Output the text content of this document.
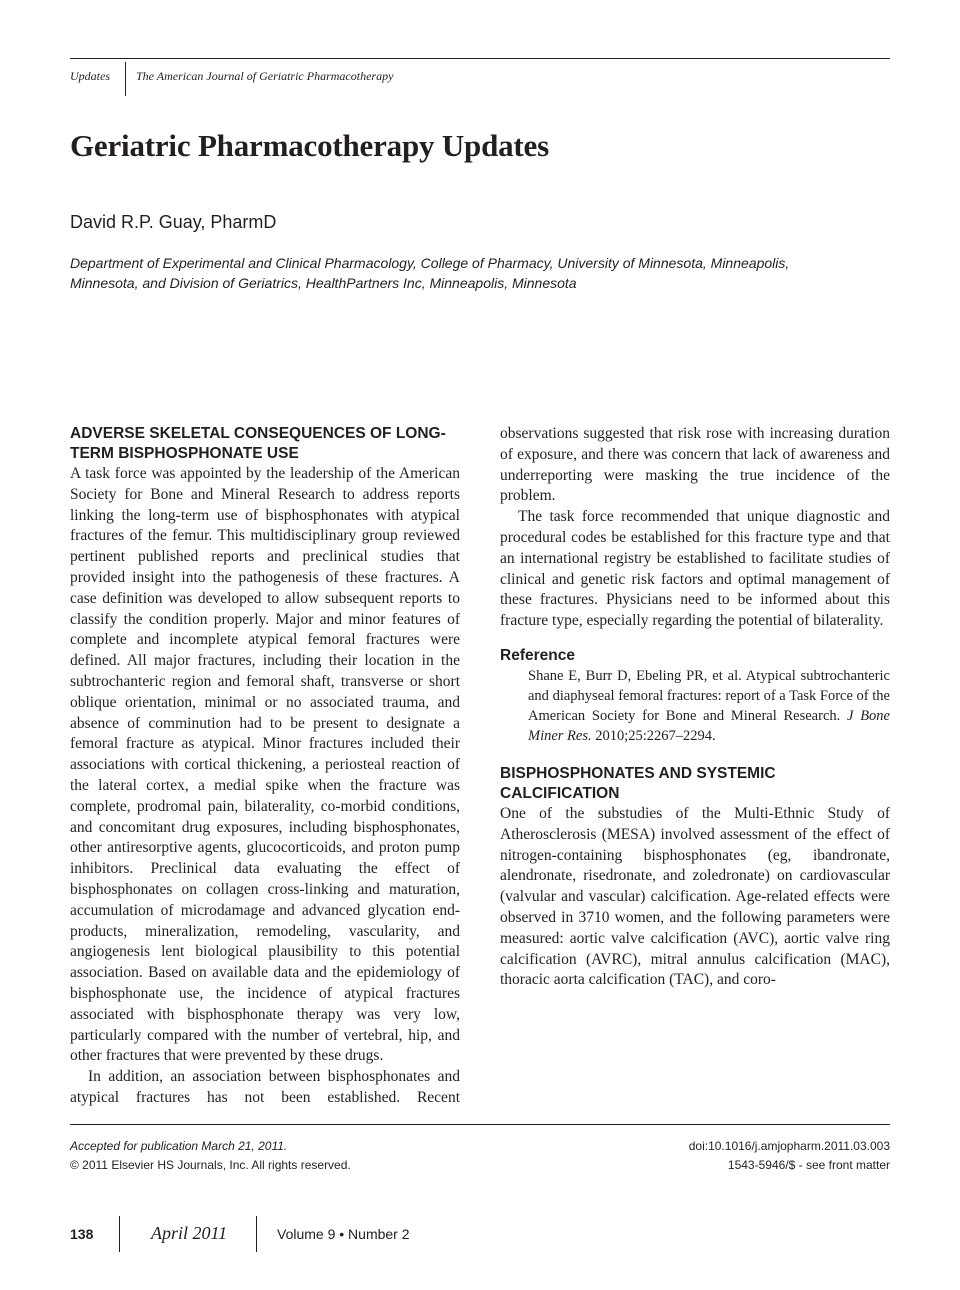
Updates The American Journal of Geriatric Pharmacotherapy
Geriatric Pharmacotherapy Updates
David R.P. Guay, PharmD
Department of Experimental and Clinical Pharmacology, College of Pharmacy, University of Minnesota, Minneapolis, Minnesota, and Division of Geriatrics, HealthPartners Inc, Minneapolis, Minnesota
ADVERSE SKELETAL CONSEQUENCES OF LONG-TERM BISPHOSPHONATE USE

A task force was appointed by the leadership of the American Society for Bone and Mineral Research to address reports linking the long-term use of bisphosphonates with atypical fractures of the femur. This multidisciplinary group reviewed pertinent published reports and preclinical studies that provided insight into the pathogenesis of these fractures. A case definition was developed to allow subsequent reports to classify the condition properly. Major and minor features of complete and incomplete atypical femoral fractures were defined. All major fractures, including their location in the subtrochanteric region and femoral shaft, transverse or short oblique orientation, minimal or no associated trauma, and absence of comminution had to be present to designate a femoral fracture as atypical. Minor fractures included their associations with cortical thickening, a periosteal reaction of the lateral cortex, a medial spike when the fracture was complete, prodromal pain, bilaterality, co-morbid conditions, and concomitant drug exposures, including bisphosphonates, other antiresorptive agents, glucocorticoids, and proton pump inhibitors. Preclinical data evaluating the effect of bisphosphonates on collagen cross-linking and maturation, accumulation of microdamage and advanced glycation end-products, mineralization, remodeling, vascularity, and angiogenesis lent biological plausibility to this potential association. Based on available data and the epidemiology of bisphosphonate use, the incidence of atypical fractures associated with bisphosphonate therapy was very low, particularly compared with the number of vertebral, hip, and other fractures that were prevented by these drugs.

In addition, an association between bisphosphonates and atypical fractures has not been established. Recent observations suggested that risk rose with increasing duration of exposure, and there was concern that lack of awareness and underreporting were masking the true incidence of the problem.

The task force recommended that unique diagnostic and procedural codes be established for this fracture type and that an international registry be established to facilitate studies of clinical and genetic risk factors and optimal management of these fractures. Physicians need to be informed about this fracture type, especially regarding the potential of bilaterality.

Reference

Shane E, Burr D, Ebeling PR, et al. Atypical subtrochanteric and diaphyseal femoral fractures: report of a Task Force of the American Society for Bone and Mineral Research. J Bone Miner Res. 2010;25:2267–2294.

BISPHOSPHONATES AND SYSTEMIC CALCIFICATION

One of the substudies of the Multi-Ethnic Study of Atherosclerosis (MESA) involved assessment of the effect of nitrogen-containing bisphosphonates (eg, ibandronate, alendronate, risedronate, and zoledronate) on cardiovascular (valvular and vascular) calcification. Age-related effects were observed in 3710 women, and the following parameters were measured: aortic valve calcification (AVC), aortic valve ring calcification (AVRC), mitral annulus calcification (MAC), thoracic aorta calcification (TAC), and coro-

Accepted for publication March 21, 2011.
© 2011 Elsevier HS Journals, Inc. All rights reserved.
doi:10.1016/j.amjopharm.2011.03.003
1543-5946/$ - see front matter
138	April 2011	Volume 9 • Number 2
